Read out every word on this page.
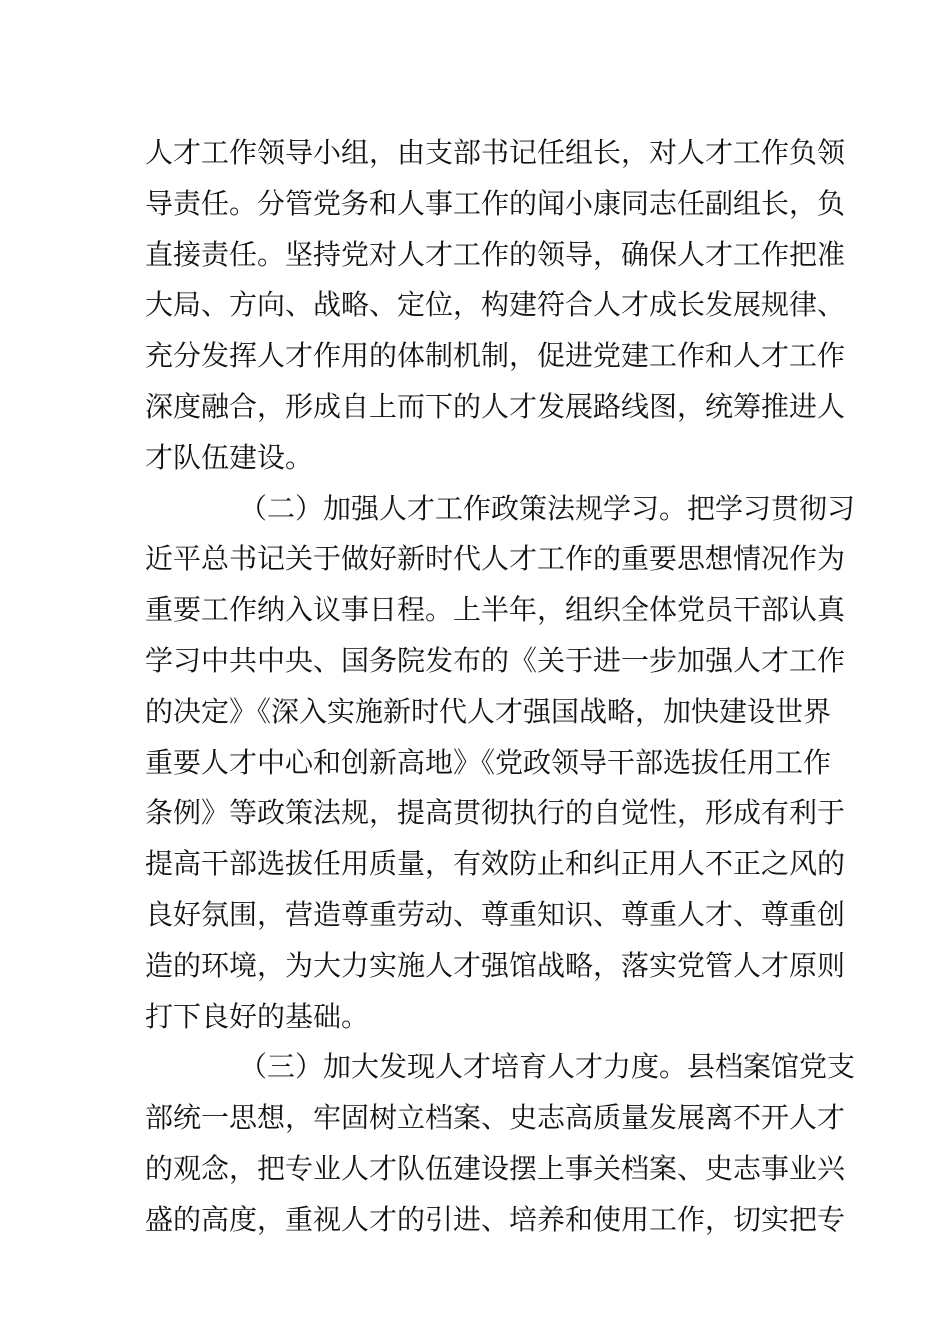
人才工作领导小组，由支部书记任组长，对人才工作负领
导责任。分管党务和人事工作的闻小康同志任副组长，负
直接责任。坚持党对人才工作的领导，确保人才工作把准
大局、方向、战略、定位，构建符合人才成长发展规律、
充分发挥人才作用的体制机制，促进党建工作和人才工作
深度融合，形成自上而下的人才发展路线图，统筹推进人
才队伍建设。
（二）加强人才工作政策法规学习。把学习贯彻习
近平总书记关于做好新时代人才工作的重要思想情况作为
重要工作纳入议事日程。上半年，组织全体党员干部认真
学习中共中央、国务院发布的《关于进一步加强人才工作
的决定》《深入实施新时代人才强国战略，加快建设世界
重要人才中心和创新高地》《党政领导干部选拔任用工作
条例》等政策法规，提高贯彻执行的自觉性，形成有利于
提高干部选拔任用质量，有效防止和纠正用人不正之风的
良好氛围，营造尊重劳动、尊重知识、尊重人才、尊重创
造的环境，为大力实施人才强馆战略，落实党管人才原则
打下良好的基础。
（三）加大发现人才培育人才力度。县档案馆党支
部统一思想，牢固树立档案、史志高质量发展离不开人才
的观念，把专业人才队伍建设摆上事关档案、史志事业兴
盛的高度，重视人才的引进、培养和使用工作，切实把专
